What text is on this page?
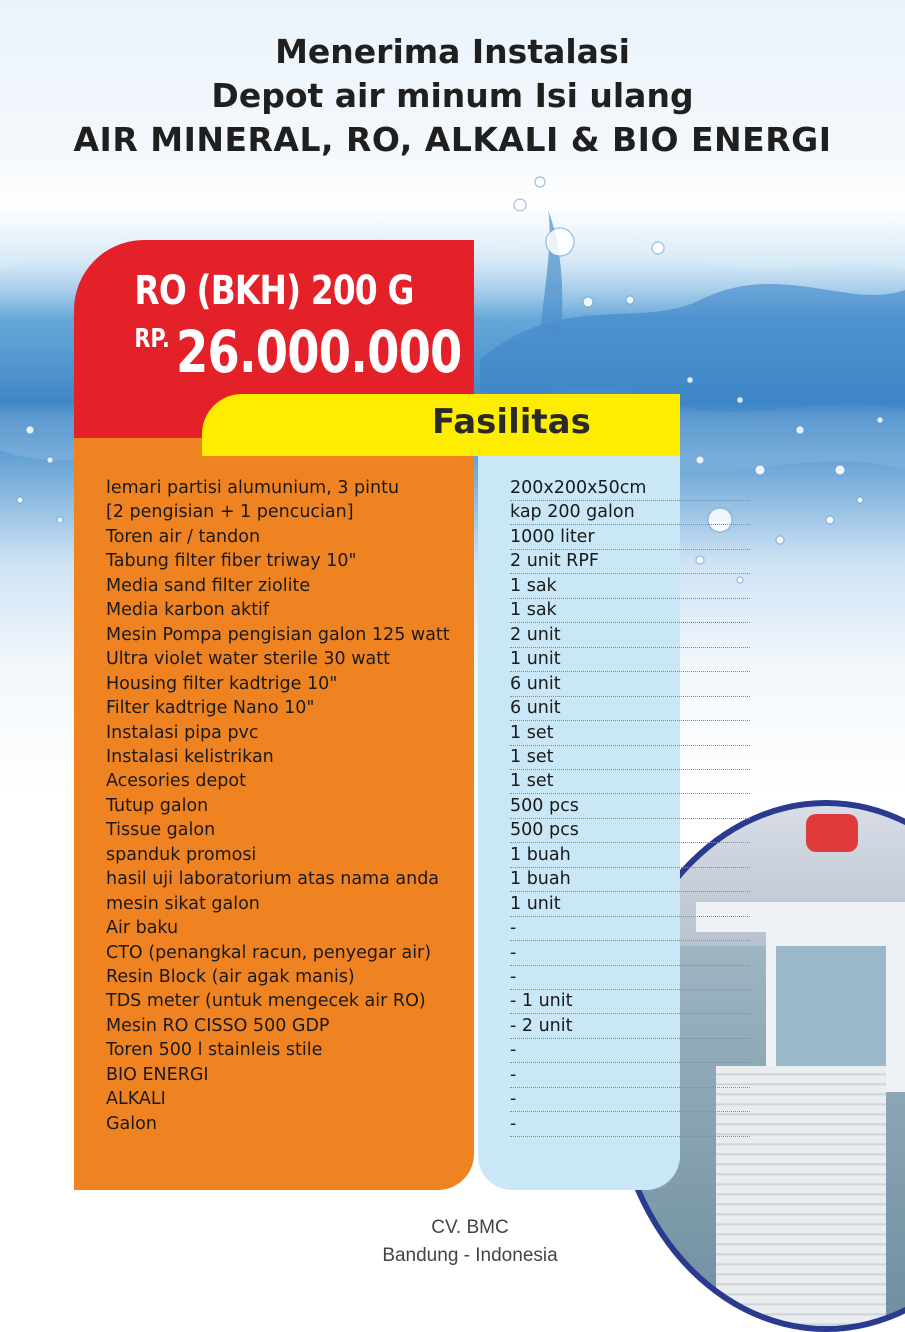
Menerima Instalasi
Depot air minum Isi ulang
AIR MINERAL, RO, ALKALI & BIO ENERGI
RO (BKH) 200 G
RP. 26.000.000
Fasilitas
lemari partisi alumunium, 3 pintu	200x200x50cm
[2 pengisian + 1 pencucian]	kap 200 galon
Toren air / tandon	1000 liter
Tabung filter fiber triway 10"	2 unit RPF
Media sand filter ziolite	1 sak
Media karbon aktif	1 sak
Mesin Pompa pengisian galon 125 watt	2 unit
Ultra violet water sterile 30 watt	1 unit
Housing filter kadtrige 10"	6 unit
Filter kadtrige Nano 10"	6 unit
Instalasi pipa pvc	1 set
Instalasi kelistrikan	1 set
Acesories depot	1 set
Tutup galon	500 pcs
Tissue galon	500 pcs
spanduk promosi	1 buah
hasil uji laboratorium atas nama anda	1 buah
mesin sikat galon	1 unit
Air baku	-
CTO (penangkal racun, penyegar air)	-
Resin Block (air agak manis)	-
TDS meter (untuk mengecek air RO)	- 1 unit
Mesin RO CISSO 500 GDP	- 2 unit
Toren 500 l stainleis stile	-
BIO ENERGI	-
ALKALI	-
Galon	-
CV. BMC
Bandung - Indonesia
